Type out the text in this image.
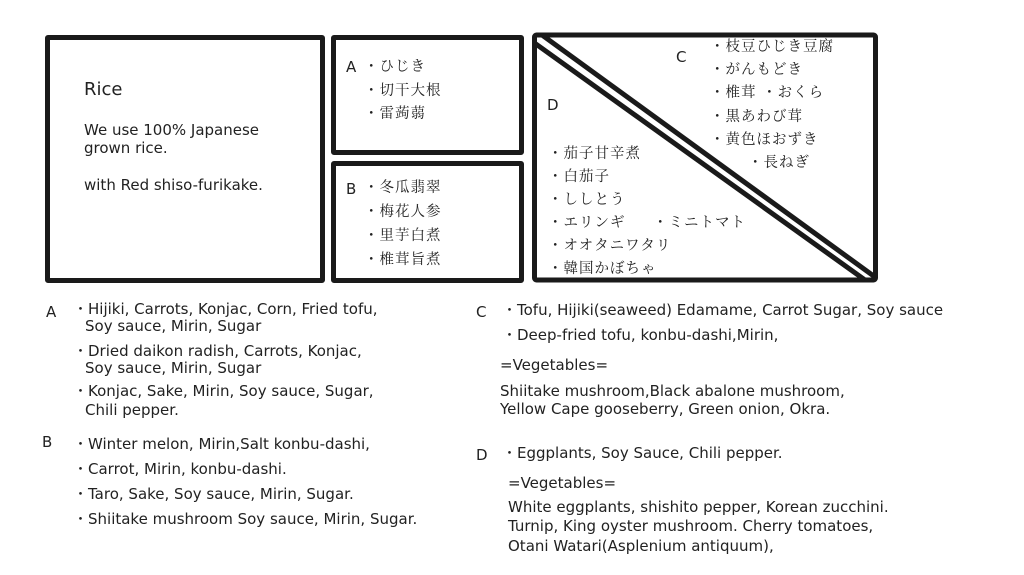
Rice
We use 100% Japanese
grown rice.
with Red shiso-furikake.
A ・ひじき
・切干大根
・雷蒟蒻
B ・冬瓜翡翠
・梅花人参
・里芋白煮
・椎茸旨煮
C
・枝豆ひじき豆腐
・がんもどき
・椎茸 ・おくら
・黒あわび茸
・黄色ほおずき
・長ねぎ
D
・茄子甘辛煮
・白茄子
・ししとう
・エリンギ ・ミニトマト
・オオタニワタリ
・韓国かぼちゃ
A ・Hijiki, Carrots, Konjac, Corn, Fried tofu,
Soy sauce, Mirin, Sugar
・Dried daikon radish, Carrots, Konjac,
Soy sauce, Mirin, Sugar
・Konjac, Sake, Mirin, Soy sauce, Sugar,
Chili pepper.
B ・Winter melon, Mirin,Salt konbu-dashi,
・Carrot, Mirin, konbu-dashi.
・Taro, Sake, Soy sauce, Mirin, Sugar.
・Shiitake mushroom Soy sauce, Mirin, Sugar.
C ・Tofu, Hijiki(seaweed) Edamame, Carrot Sugar, Soy sauce
・Deep-fried tofu, konbu-dashi,Mirin,
=Vegetables=
Shiitake mushroom,Black abalone mushroom,
Yellow Cape gooseberry, Green onion, Okra.
D ・Eggplants, Soy Sauce, Chili pepper.
=Vegetables=
White eggplants, shishito pepper, Korean zucchini.
Turnip, King oyster mushroom. Cherry tomatoes,
Otani Watari(Asplenium antiquum),
